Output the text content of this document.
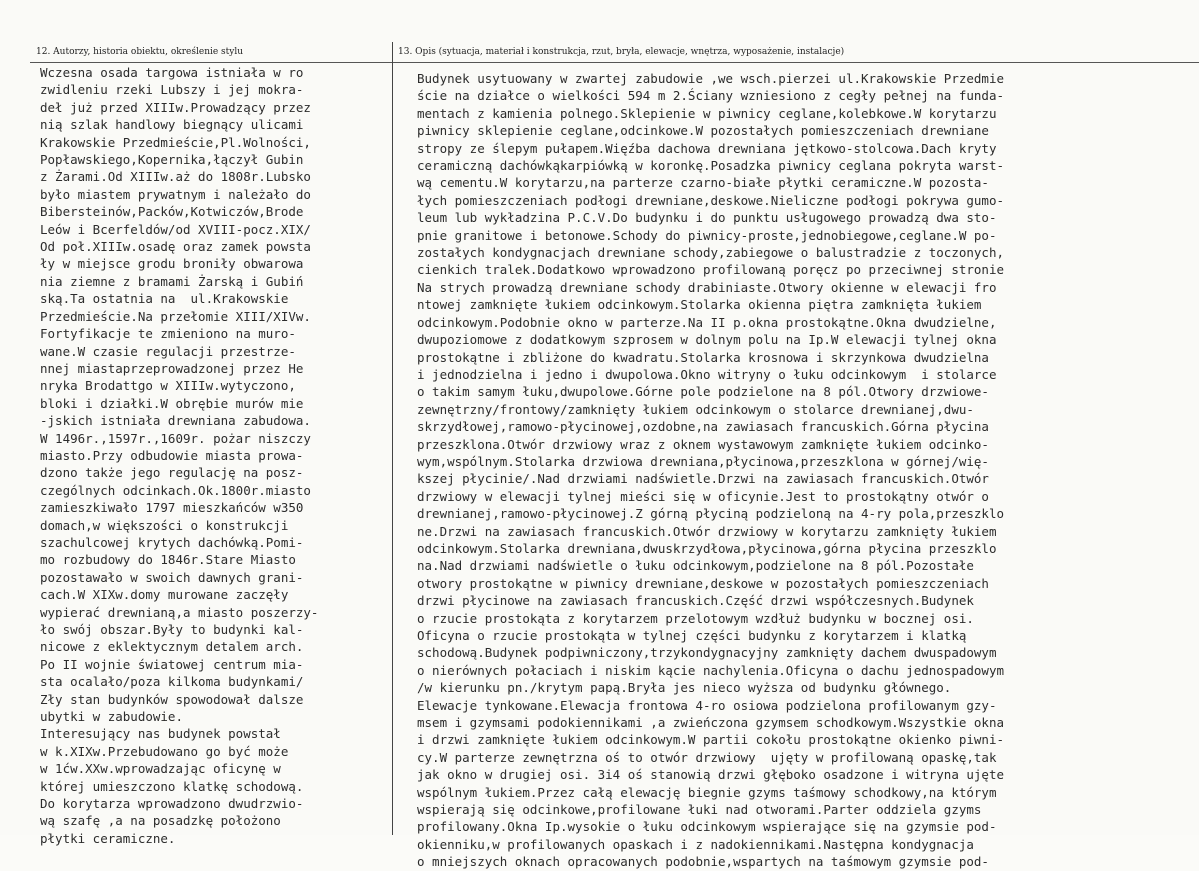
12. Autorzy, historia obiektu, określenie stylu	13. Opis (sytuacja, materiał i konstrukcja, rzut, bryła, elewacje, wnętrza, wyposażenie, instalacje)
Wczesna osada targowa istniała w ro
zwidleniu rzeki Lubszy i jej mokra-
deł już przed XIIIw.Prowadzący przez
nią szlak handlowy biegnący ulicami
Krakowskie Przedmieście,Pl.Wolności,
Popławskiego,Kopernika,łączył Gubin
z Żarami.Od XIIIw.aż do 1808r.Lubsko
było miastem prywatnym i należało do
Bibersteinów,Packów,Kotwiczów,Brode
Leów i Bcerfeldów/od XVIII-pocz.XIX/
Od poł.XIIIw.osadę oraz zamek powsta
ły w miejsce grodu broniły obwarowa
nia ziemne z bramami Żarską i Gubiń
ską.Ta ostatnia na  ul.Krakowskie
Przedmieście.Na przełomie XIII/XIVw.
Fortyfikacje te zmieniono na muro-
wane.W czasie regulacji przestrze-
nnej miastaprzeprowadzonej przez He
nryka Brodattgo w XIIIw.wytyczono,
bloki i działki.W obrębie murów mie
-jskich istniała drewniana zabudowa.
W 1496r.,1597r.,1609r. pożar niszczy
miasto.Przy odbudowie miasta prowa-
dzono także jego regulację na posz-
czególnych odcinkach.Ok.1800r.miasto
zamieszkiwało 1797 mieszkańców w350
domach,w większości o konstrukcji
szachulcowej krytych dachówką.Pomi-
mo rozbudowy do 1846r.Stare Miasto
pozostawało w swoich dawnych grani-
cach.W XIXw.domy murowane zaczęły
wypierać drewnianą,a miasto poszerzy-
ło swój obszar.Były to budynki kal-
nicowe z eklektycznym detalem arch.
Po II wojnie światowej centrum mia-
sta ocalało/poza kilkoma budynkami/
Zły stan budynków spowodował dalsze
ubytki w zabudowie.
Interesujący nas budynek powstał
w k.XIXw.Przebudowano go być może
w 1ćw.XXw.wprowadzając oficynę w
której umieszczono klatkę schodową.
Do korytarza wprowadzono dwudrzwio-
wą szafę ,a na posadzkę położono
płytki ceramiczne.
Budynek usytuowany w zwartej zabudowie ,we wsch.pierzei ul.Krakowskie Przedmie
ście na działce o wielkości 594 m 2.Ściany wzniesiono z cegły pełnej na funda-
mentach z kamienia polnego.Sklepienie w piwnicy ceglane,kolebkowe.W korytarzu
piwnicy sklepienie ceglane,odcinkowe.W pozostałych pomieszczeniach drewniane
stropy ze ślepym pułapem.Więźba dachowa drewniana jętkowo-stolcowa.Dach kryty
ceramiczną dachówkąkarpiówką w koronkę.Posadzka piwnicy ceglana pokryta warst-
wą cementu.W korytarzu,na parterze czarno-białe płytki ceramiczne.W pozosta-
łych pomieszczeniach podłogi drewniane,deskowe.Nieliczne podłogi pokrywa gumo-
leum lub wykładzina P.C.V.Do budynku i do punktu usługowego prowadzą dwa sto-
pnie granitowe i betonowe.Schody do piwnicy-proste,jednobiegowe,ceglane.W po-
zostałych kondygnacjach drewniane schody,zabiegowe o balustradzie z toczonych,
cienkich tralek.Dodatkowo wprowadzono profilowaną poręcz po przeciwnej stronie
Na strych prowadzą drewniane schody drabiniaste.Otwory okienne w elewacji fro
ntowej zamknięte łukiem odcinkowym.Stolarka okienna piętra zamknięta łukiem
odcinkowym.Podobnie okno w parterze.Na II p.okna prostokątne.Okna dwudzielne,
dwupoziomowe z dodatkowym szprosem w dolnym polu na Ip.W elewacji tylnej okna
prostokątne i zbliżone do kwadratu.Stolarka krosnowa i skrzynkowa dwudzielna
i jednodzielna i jedno i dwupolowa.Okno witryny o łuku odcinkowym  i stolarce
o takim samym łuku,dwupolowe.Górne pole podzielone na 8 pól.Otwory drzwiowe-
zewnętrzny/frontowy/zamknięty łukiem odcinkowym o stolarce drewnianej,dwu-
skrzydłowej,ramowo-płycinowej,ozdobne,na zawiasach francuskich.Górna płycina
przeszklona.Otwór drzwiowy wraz z oknem wystawowym zamknięte łukiem odcinko-
wym,wspólnym.Stolarka drzwiowa drewniana,płycinowa,przeszklona w górnej/wię-
kszej płycinie/.Nad drzwiami nadświetle.Drzwi na zawiasach francuskich.Otwór
drzwiowy w elewacji tylnej mieści się w oficynie.Jest to prostokątny otwór o
drewnianej,ramowo-płycinowej.Z górną płyciną podzieloną na 4-ry pola,przeszklo
ne.Drzwi na zawiasach francuskich.Otwór drzwiowy w korytarzu zamknięty łukiem
odcinkowym.Stolarka drewniana,dwuskrzydłowa,płycinowa,górna płycina przeszklo
na.Nad drzwiami nadświetle o łuku odcinkowym,podzielone na 8 pól.Pozostałe
otwory prostokątne w piwnicy drewniane,deskowe w pozostałych pomieszczeniach
drzwi płycinowe na zawiasach francuskich.Część drzwi współczesnych.Budynek
o rzucie prostokąta z korytarzem przelotowym wzdłuż budynku w bocznej osi.
Oficyna o rzucie prostokąta w tylnej części budynku z korytarzem i klatką
schodową.Budynek podpiwniczony,trzykondygnacyjny zamknięty dachem dwuspadowym
o nierównych połaciach i niskim kącie nachylenia.Oficyna o dachu jednospadowym
/w kierunku pn./krytym papą.Bryła jes nieco wyższa od budynku głównego.
Elewacje tynkowane.Elewacja frontowa 4-ro osiowa podzielona profilowanym gzy-
msem i gzymsami podokiennikami ,a zwieńczona gzymsem schodkowym.Wszystkie okna
i drzwi zamknięte łukiem odcinkowym.W partii cokołu prostokątne okienko piwni-
cy.W parterze zewnętrzna oś to otwór drzwiowy  ujęty w profilowaną opaskę,tak
jak okno w drugiej osi. 3i4 oś stanowią drzwi głęboko osadzone i witryna ujęte
wspólnym łukiem.Przez całą elewację biegnie gzyms taśmowy schodkowy,na którym
wspierają się odcinkowe,profilowane łuki nad otworami.Parter oddziela gzyms
profilowany.Okna Ip.wysokie o łuku odcinkowym wspierające się na gzymsie pod-
okienniku,w profilowanych opaskach i z nadokiennikami.Następna kondygnacja
o mniejszych oknach opracowanych podobnie,wspartych na taśmowym gzymsie pod-
